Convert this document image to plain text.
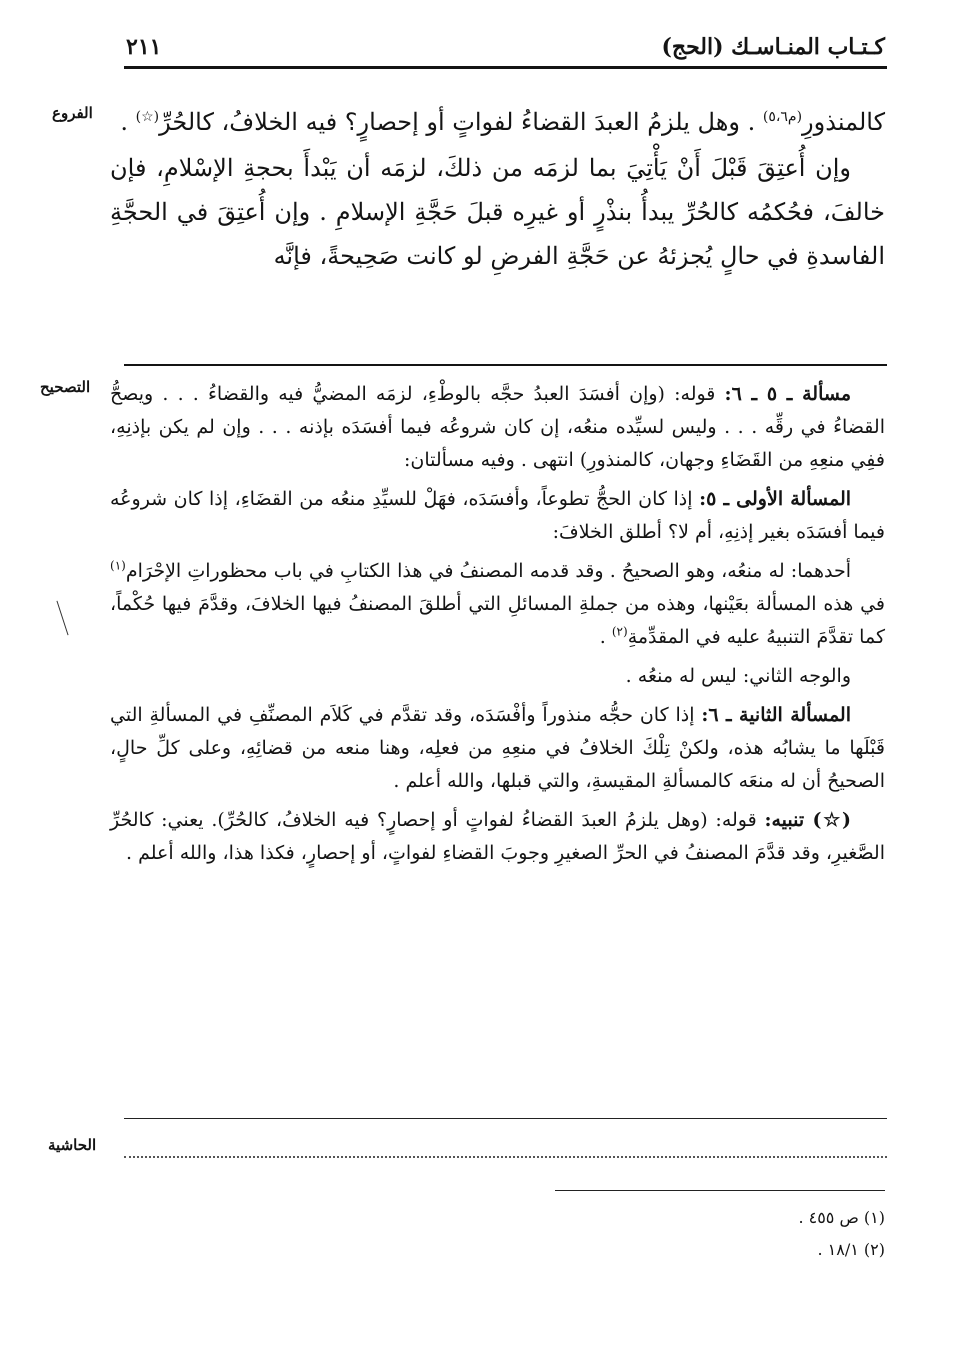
٢١١	كـتـاب المنـاسـك (الحج)
الفروع
التصحيح
الحاشية

كالمنذورِ$^{(م٥،٦)}$ . وهل يلزمُ العبدَ القضاءُ لفواتٍ أو إحصارٍ؟ فيه الخلافُ، كالحُرِّ(☆) .

وإن أُعتِقَ قَبْلَ أَنْ يَأْتِيَ بما لزمَه من ذلكَ، لزمَه أن يَبْدأَ بحجةِ الإسْلامِ، فإن خالفَ، فحُكمُه كالحُرِّ يبدأُ بنذْرٍ أو غيرِه قبلَ حَجَّةِ الإسلامِ . وإن أُعتِقَ في الحجَّةِ الفاسدةِ في حالٍ يُجزئهُ عن حَجَّةِ الفرضِ لو كانت صَحِيحةً، فإنَّه

مسألة ـ ٥ ـ ٦: قوله: (وإن أفسَدَ العبدُ حجَّه بالوطْءِ، لزمَه المضيُّ فيه والقضاءُ . . . ويصحُّ القضاءُ في رقِّه . . . وليس لسيِّده منعُه، إن كان شروعُه فيما أفسَدَه بإذنه . . . وإن لم يكن بإذنِهِ، ففِي منعِهِ من القَضَاءِ وجهان، كالمنذورِ) انتهى . وفيه مسألتان:

المسألة الأولى ـ ٥: إذا كان الحجُّ تطوعاً، وأفسَدَه، فهَلْ للسيِّدِ منعُه من القضَاءِ، إذا كان شروعُه فيما أفسَدَه بغير إذنِهِ، أم لا؟ أطلق الخلافَ:

أحدهما: له منعُه، وهو الصحيحُ . وقد قدمه المصنفُ في هذا الكتابِ في باب محظوراتِ الإحْرَام$^{(١)}$ في هذه المسألة بعَيْنها، وهذه من جملةِ المسائلِ التي أطلقَ المصنفُ فيها الخلافَ، وقدَّمَ فيها حُكْماً، كما تقدَّمَ التنبيهُ عليه في المقدِّمةِ$^{(٢)}$ .

والوجه الثاني: ليس له منعُه .

المسألة الثانية ـ ٦: إذا كان حجُّه منذوراً وأفْسَدَه، وقد تقدَّم في كَلاَم المصنِّفِ في المسألةِ التي قَبْلَها ما يشابُه هذه، ولكنْ تِلْكَ الخلافُ في منعِهِ من فعلِه، وهنا منعه من قضائِهِ، وعلى كلِّ حالٍ، الصحيحُ أن له منعَه كالمسألةِ المقيسةِ، والتي قبلها، والله أعلم .

(☆) تنبيه: قوله: (وهل يلزمُ العبدَ القضاءُ لفواتٍ أو إحصارٍ؟ فيه الخلافُ، كالحُرِّ). يعني: كالحُرِّ الصَّغيرِ، وقد قدَّمَ المصنفُ في الحرِّ الصغيرِ وجوبَ القضاءِ لفواتٍ، أو إحصارٍ، فكذا هذا، والله أعلم .

(١) ص ٤٥٥ .
(٢) ١٨/١ .
